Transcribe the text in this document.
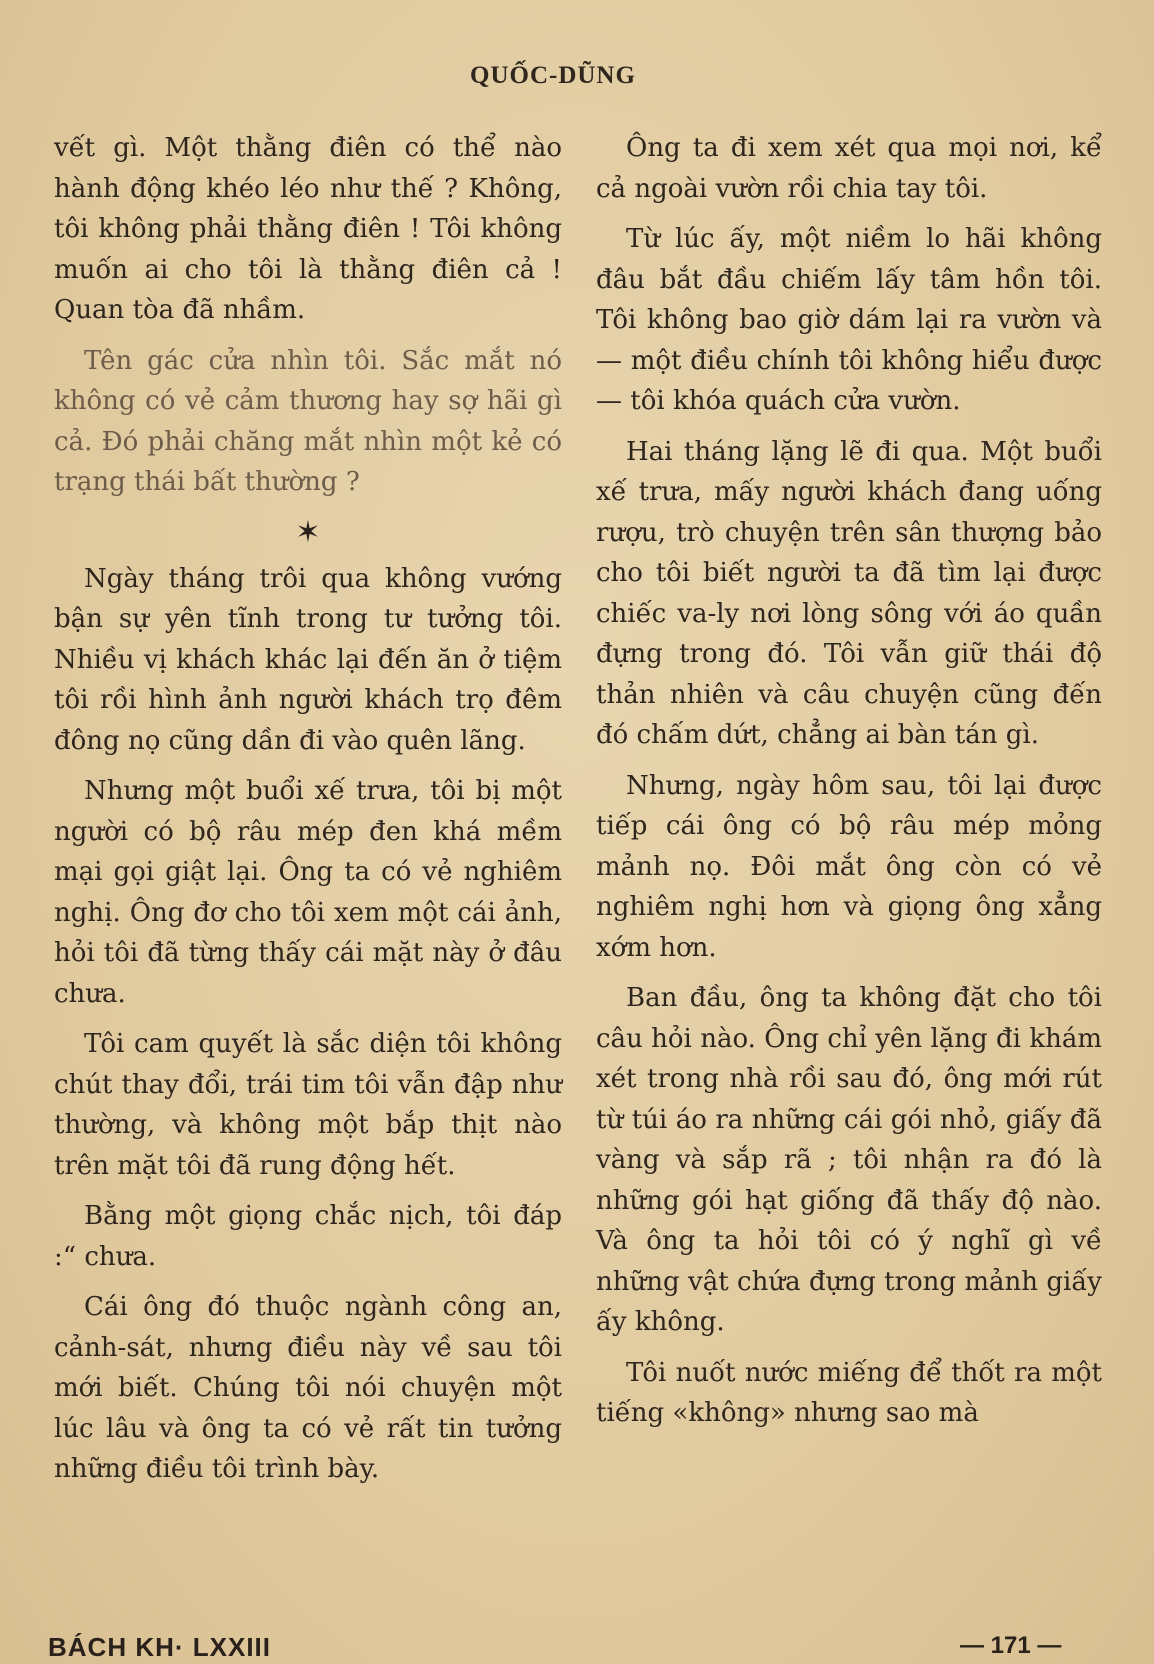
QUỐC-DŨNG

vết gì. Một thằng điên có thể nào hành động khéo léo như thế ? Không, tôi không phải thằng điên ! Tôi không muốn ai cho tôi là thằng điên cả ! Quan tòa đã nhầm.

Tên gác cửa nhìn tôi. Sắc mắt nó không có vẻ cảm thương hay sợ hãi gì cả. Đó phải chăng mắt nhìn một kẻ có trạng thái bất thường ?

✶

Ngày tháng trôi qua không vướng bận sự yên tĩnh trong tư tưởng tôi. Nhiều vị khách khác lại đến ăn ở tiệm tôi rồi hình ảnh người khách trọ đêm đông nọ cũng dần đi vào quên lãng.

Nhưng một buổi xế trưa, tôi bị một người có bộ râu mép đen khá mềm mại gọi giật lại. Ông ta có vẻ nghiêm nghị. Ông đơ cho tôi xem một cái ảnh, hỏi tôi đã từng thấy cái mặt này ở đâu chưa.

Tôi cam quyết là sắc diện tôi không chút thay đổi, trái tim tôi vẫn đập như thường, và không một bắp thịt nào trên mặt tôi đã rung động hết.

Bằng một giọng chắc nịch, tôi đáp :“ chưa.

Cái ông đó thuộc ngành công an, cảnh-sát, nhưng điều này về sau tôi mới biết. Chúng tôi nói chuyện một lúc lâu và ông ta có vẻ rất tin tưởng những điều tôi trình bày.

Ông ta đi xem xét qua mọi nơi, kể cả ngoài vườn rồi chia tay tôi.

Từ lúc ấy, một niềm lo hãi không đâu bắt đầu chiếm lấy tâm hồn tôi. Tôi không bao giờ dám lại ra vườn và — một điều chính tôi không hiểu được — tôi khóa quách cửa vườn.

Hai tháng lặng lẽ đi qua. Một buổi xế trưa, mấy người khách đang uống rượu, trò chuyện trên sân thượng bảo cho tôi biết người ta đã tìm lại được chiếc va-ly nơi lòng sông với áo quần đựng trong đó. Tôi vẫn giữ thái độ thản nhiên và câu chuyện cũng đến đó chấm dứt, chẳng ai bàn tán gì.

Nhưng, ngày hôm sau, tôi lại được tiếp cái ông có bộ râu mép mỏng mảnh nọ. Đôi mắt ông còn có vẻ nghiêm nghị hơn và giọng ông xẳng xớm hơn.

Ban đầu, ông ta không đặt cho tôi câu hỏi nào. Ông chỉ yên lặng đi khám xét trong nhà rồi sau đó, ông mới rút từ túi áo ra những cái gói nhỏ, giấy đã vàng và sắp rã ; tôi nhận ra đó là những gói hạt giống đã thấy độ nào. Và ông ta hỏi tôi có ý nghĩ gì về những vật chứa đựng trong mảnh giấy ấy không.

Tôi nuốt nước miếng để thốt ra một tiếng «không» nhưng sao mà

BÁCH KH· LXXIII	— 171 —
